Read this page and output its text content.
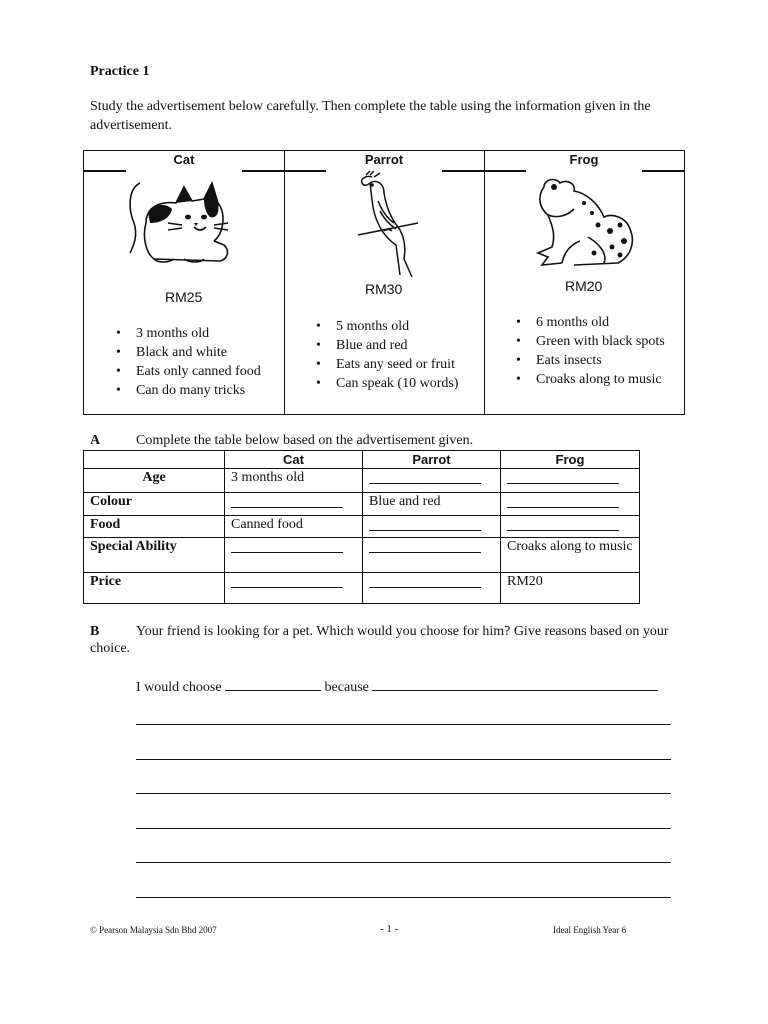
Practice 1
Study the advertisement below carefully. Then complete the table using the information given in the advertisement.
Cat
RM25
• 3 months old
• Black and white
• Eats only canned food
• Can do many tricks
Parrot
RM30
• 5 months old
• Blue and red
• Eats any seed or fruit
• Can speak (10 words)
Frog
RM20
• 6 months old
• Green with black spots
• Eats insects
• Croaks along to music
A	Complete the table below based on the advertisement given.
	Cat	Parrot	Frog
Age	3 months old		
Colour		Blue and red	
Food	Canned food		
Special Ability			Croaks along to music
Price			RM20
B	Your friend is looking for a pet. Which would you choose for him? Give reasons based on your choice.
I would choose	because
© Pearson Malaysia Sdn Bhd 2007	- 1 -	Ideal English Year 6
